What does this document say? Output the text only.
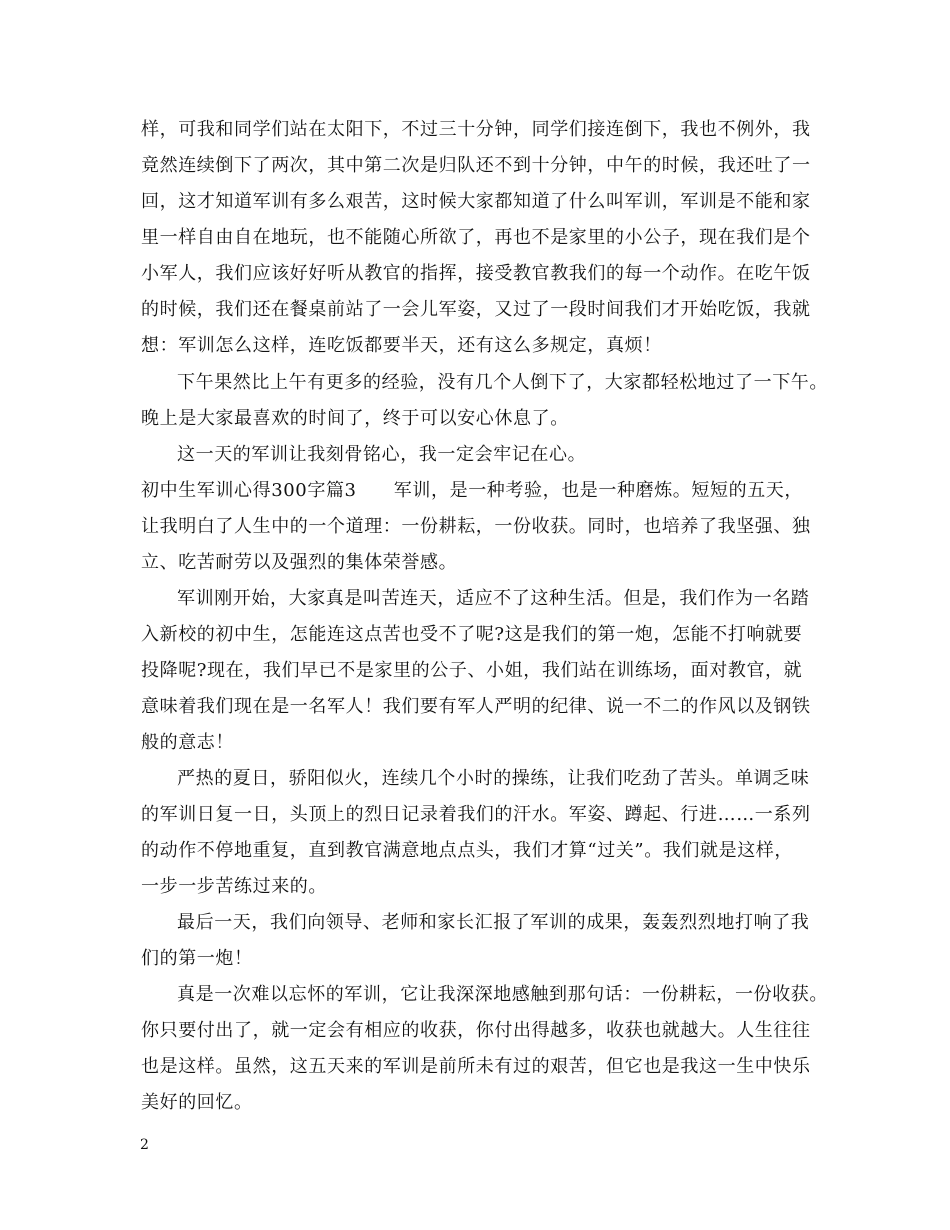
样，可我和同学们站在太阳下，不过三十分钟，同学们接连倒下，我也不例外，我
竟然连续倒下了两次，其中第二次是归队还不到十分钟，中午的时候，我还吐了一
回，这才知道军训有多么艰苦，这时候大家都知道了什么叫军训，军训是不能和家
里一样自由自在地玩，也不能随心所欲了，再也不是家里的小公子，现在我们是个
小军人，我们应该好好听从教官的指挥，接受教官教我们的每一个动作。在吃午饭
的时候，我们还在餐桌前站了一会儿军姿，又过了一段时间我们才开始吃饭，我就
想：军训怎么这样，连吃饭都要半天，还有这么多规定，真烦！
下午果然比上午有更多的经验，没有几个人倒下了，大家都轻松地过了一下午。
晚上是大家最喜欢的时间了，终于可以安心休息了。
这一天的军训让我刻骨铭心，我一定会牢记在心。
初中生军训心得300字篇3　　军训，是一种考验，也是一种磨炼。短短的五天，
让我明白了人生中的一个道理：一份耕耘，一份收获。同时，也培养了我坚强、独
立、吃苦耐劳以及强烈的集体荣誉感。
军训刚开始，大家真是叫苦连天，适应不了这种生活。但是，我们作为一名踏
入新校的初中生，怎能连这点苦也受不了呢?这是我们的第一炮，怎能不打响就要
投降呢?现在，我们早已不是家里的公子、小姐，我们站在训练场，面对教官，就
意味着我们现在是一名军人！我们要有军人严明的纪律、说一不二的作风以及钢铁
般的意志！
严热的夏日，骄阳似火，连续几个小时的操练，让我们吃劲了苦头。单调乏味
的军训日复一日，头顶上的烈日记录着我们的汗水。军姿、蹲起、行进……一系列
的动作不停地重复，直到教官满意地点点头，我们才算“过关”。我们就是这样，
一步一步苦练过来的。
最后一天，我们向领导、老师和家长汇报了军训的成果，轰轰烈烈地打响了我
们的第一炮！
真是一次难以忘怀的军训，它让我深深地感触到那句话：一份耕耘，一份收获。
你只要付出了，就一定会有相应的收获，你付出得越多，收获也就越大。人生往往
也是这样。虽然，这五天来的军训是前所未有过的艰苦，但它也是我这一生中快乐
美好的回忆。
2
